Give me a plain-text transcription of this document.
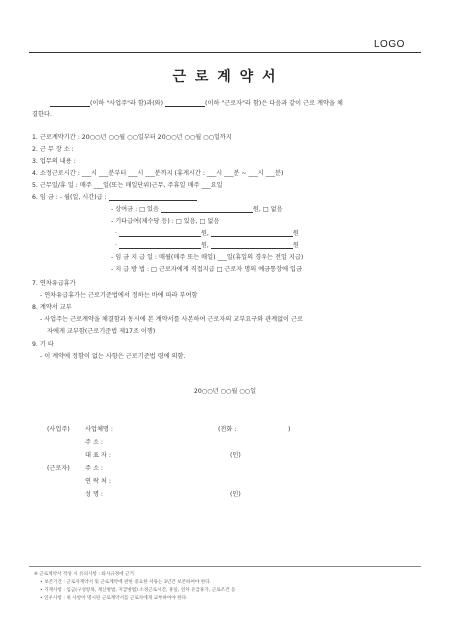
LOGO
근 로 계 약 서
(이하 "사업주"라 함)과(와)	(이하 "근로자"라 함)은 다음과 같이 근로 계약을 체
결한다.
1. 근로계약기간 : 20○○년 ○○월 ○○일부터 20○○년 ○○월 ○○일까지
2. 근 무 장 소 :
3. 업무의 내용 :
4. 소정근로시간 : ___시 ___분부터 ___시 ___분까지 (휴게시간 : ___시 ___분 ~ ___시 ___분)
5. 근무일/휴 일 : 매주 ___일(또는 매일단위)근무, 주휴일 매주 ___요일
6. 임 금 : - 월(일, 시간)급 :
- 상여금 : □ 있음	원, □ 없음
- 기타급여(제수당 등) : □ 있음, □ 없음
·	원,	원
·	원,	원
- 임 금 지 급 일 : 매월(매주 또는 매일) ___일(휴일의 경우는 전일 지급)
- 지 급 방 법 : □ 근로자에게 직접지급 □ 근로자 명의 예금통장에 입금
7. 연차유급휴가
- 연차유급휴가는 근로기준법에서 정하는 바에 따라 부여함
8. 계약서 교부
- 사업주는 근로계약을 체결함과 동시에 본 계약서를 사본하여 근로자의 교부요구와 관계없이 근로
자에게 교부함(근로기준법 제17조 이행)
9. 기 타
- 이 계약에 정함이 없는 사항은 근로기준법 령에 의함.
20○○년 ○○월 ○○일
(사업주) 사업체명 :	(전화 :	)
주 소 :
대 표 자 :	(인)
(근로자) 주 소 :
연 락 처 :
성 명 :	(인)
※ 근로계약서 작성 시 유의사항 : 와사규정에 근거
• 보존기간 : 근로자계약서 및 근로계약에 관한 중요한 서류는 3년간 보존하여야 한다.
• 기재사항 : 임금(구성항목, 계산방법, 지급방법) 소정근로시간, 휴일, 연차 유급휴가, 근로조건 등
• 인우사항 : 위 사항이 명시된 근로계약서를 근로자에게 교부하여야 한다.
